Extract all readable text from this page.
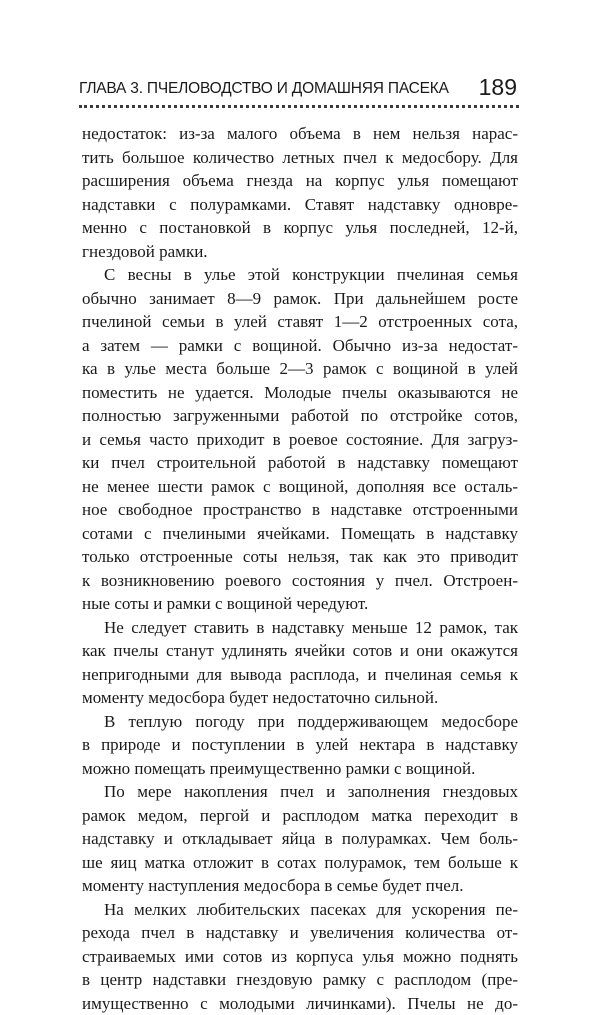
ГЛАВА 3. ПЧЕЛОВОДСТВО И ДОМАШНЯЯ ПАСЕКА 189
недостаток: из-за малого объема в нем нельзя нарас-
тить большое количество летных пчел к медосбору. Для
расширения объема гнезда на корпус улья помещают
надставки с полурамками. Ставят надставку одновре-
менно с постановкой в корпус улья последней, 12-й,
гнездовой рамки.
С весны в улье этой конструкции пчелиная семья
обычно занимает 8—9 рамок. При дальнейшем росте
пчелиной семьи в улей ставят 1—2 отстроенных сота,
а затем — рамки с вощиной. Обычно из-за недостат-
ка в улье места больше 2—3 рамок с вощиной в улей
поместить не удается. Молодые пчелы оказываются не
полностью загруженными работой по отстройке сотов,
и семья часто приходит в роевое состояние. Для загруз-
ки пчел строительной работой в надставку помещают
не менее шести рамок с вощиной, дополняя все осталь-
ное свободное пространство в надставке отстроенными
сотами с пчелиными ячейками. Помещать в надставку
только отстроенные соты нельзя, так как это приводит
к возникновению роевого состояния у пчел. Отстроен-
ные соты и рамки с вощиной чередуют.
Не следует ставить в надставку меньше 12 рамок, так
как пчелы станут удлинять ячейки сотов и они окажутся
непригодными для вывода расплода, и пчелиная семья к
моменту медосбора будет недостаточно сильной.
В теплую погоду при поддерживающем медосборе
в природе и поступлении в улей нектара в надставку
можно помещать преимущественно рамки с вощиной.
По мере накопления пчел и заполнения гнездовых
рамок медом, пергой и расплодом матка переходит в
надставку и откладывает яйца в полурамках. Чем боль-
ше яиц матка отложит в сотах полурамок, тем больше к
моменту наступления медосбора в семье будет пчел.
На мелких любительских пасеках для ускорения пе-
рехода пчел в надставку и увеличения количества от-
страиваемых ими сотов из корпуса улья можно поднять
в центр надставки гнездовую рамку с расплодом (пре-
имущественно с молодыми личинками). Пчелы не до-
